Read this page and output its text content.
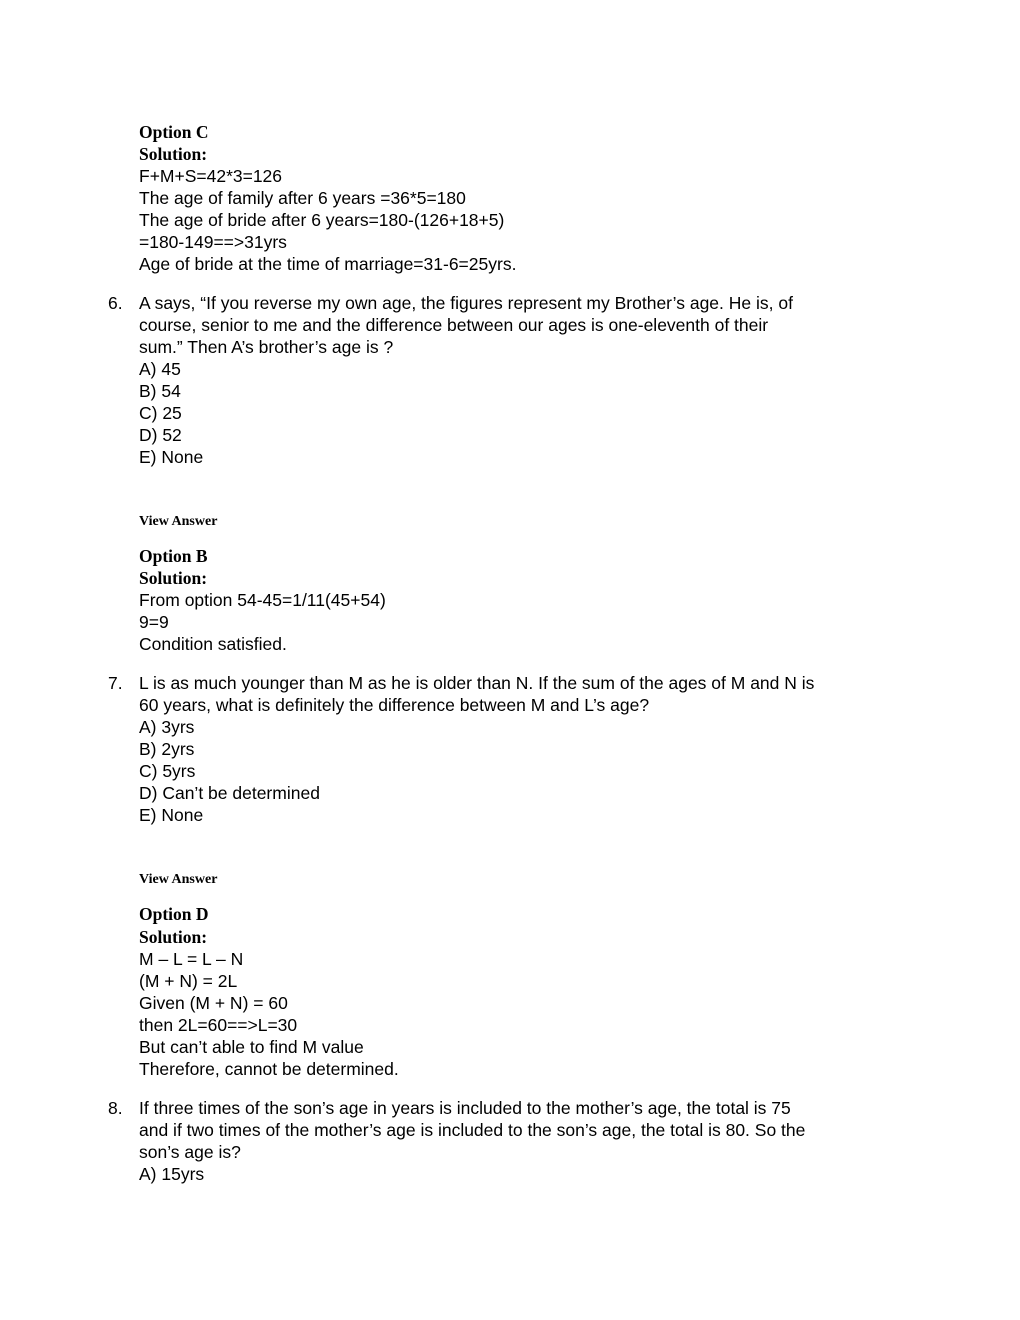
Option C
Solution:
F+M+S=42*3=126
The age of family after 6 years =36*5=180
The age of bride after 6 years=180-(126+18+5)
=180-149==>31yrs
Age of bride at the time of marriage=31-6=25yrs.
6. A says, “If you reverse my own age, the figures represent my Brother’s age. He is, of
course, senior to me and the difference between our ages is one-eleventh of their
sum.” Then A’s brother’s age is ?
A) 45
B) 54
C) 25
D) 52
E) None
View Answer
Option B
Solution:
From option 54-45=1/11(45+54)
9=9
Condition satisfied.
7. L is as much younger than M as he is older than N. If the sum of the ages of M and N is
60 years, what is definitely the difference between M and L’s age?
A) 3yrs
B) 2yrs
C) 5yrs
D) Can’t be determined
E) None
View Answer
Option D
Solution:
M – L = L – N
(M + N) = 2L
Given (M + N) = 60
then 2L=60==>L=30
But can’t able to find M value
Therefore, cannot be determined.
8. If three times of the son’s age in years is included to the mother’s age, the total is 75
and if two times of the mother’s age is included to the son’s age, the total is 80. So the
son’s age is?
A) 15yrs
